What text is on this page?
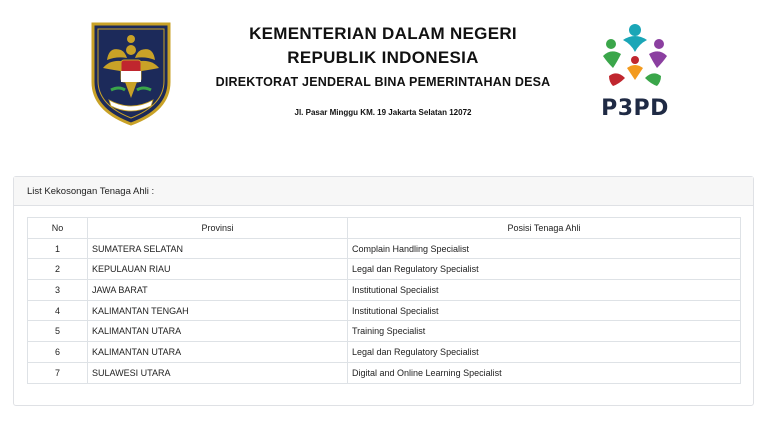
KEMENTERIAN DALAM NEGERI
REPUBLIK INDONESIA
DIREKTORAT JENDERAL BINA PEMERINTAHAN DESA
Jl. Pasar Minggu KM. 19 Jakarta Selatan 12072	P3PD
List Kekosongan Tenaga Ahli :
No	Provinsi	Posisi Tenaga Ahli
1	SUMATERA SELATAN	Complain Handling Specialist
2	KEPULAUAN RIAU	Legal dan Regulatory Specialist
3	JAWA BARAT	Institutional Specialist
4	KALIMANTAN TENGAH	Institutional Specialist
5	KALIMANTAN UTARA	Training Specialist
6	KALIMANTAN UTARA	Legal dan Regulatory Specialist
7	SULAWESI UTARA	Digital and Online Learning Specialist
